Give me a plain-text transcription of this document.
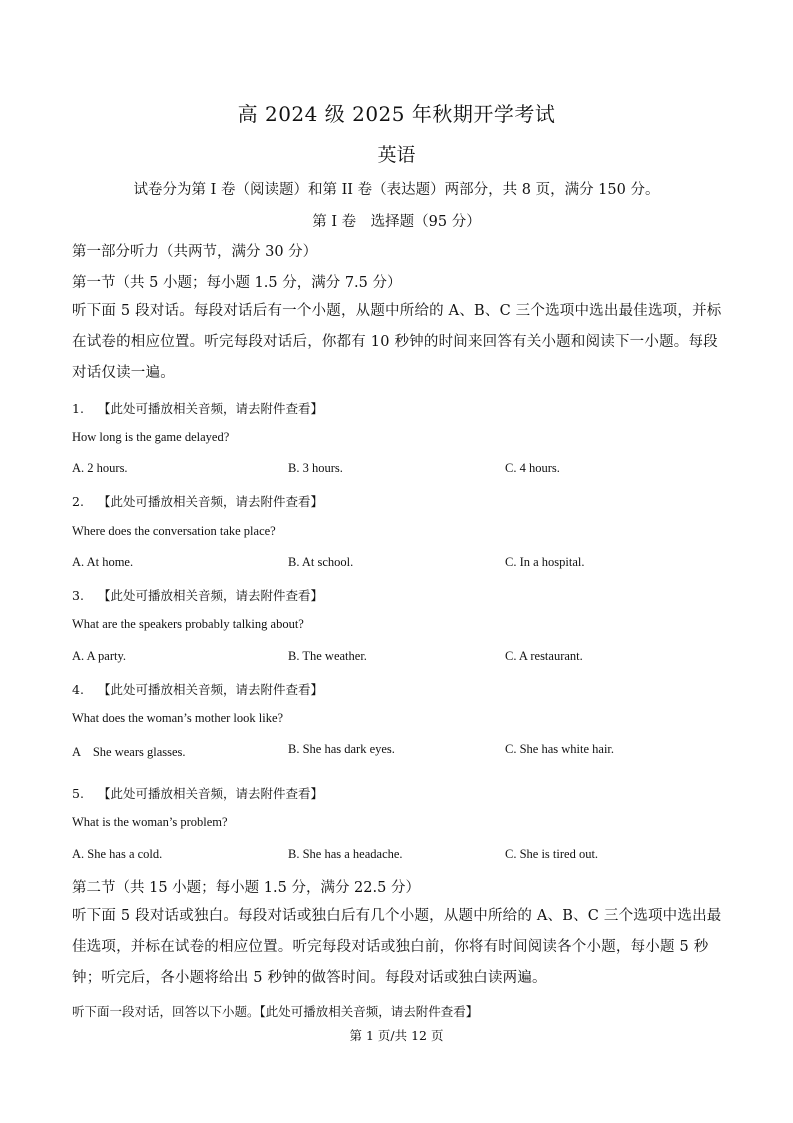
高 2024 级 2025 年秋期开学考试
英语
试卷分为第 I 卷（阅读题）和第 II 卷（表达题）两部分，共 8 页，满分 150 分。
第 I 卷　选择题（95 分）
第一部分听力（共两节，满分 30 分）
第一节（共 5 小题；每小题 1.5 分，满分 7.5 分）
听下面 5 段对话。每段对话后有一个小题，从题中所给的 A、B、C 三个选项中选出最佳选项，并标在试卷的相应位置。听完每段对话后，你都有 10 秒钟的时间来回答有关小题和阅读下一小题。每段对话仅读一遍。
1. 【此处可播放相关音频，请去附件查看】
How long is the game delayed?
A. 2 hours.	B. 3 hours.	C. 4 hours.
2. 【此处可播放相关音频，请去附件查看】
Where does the conversation take place?
A. At home.	B. At school.	C. In a hospital.
3. 【此处可播放相关音频，请去附件查看】
What are the speakers probably talking about?
A. A party.	B. The weather.	C. A restaurant.
4. 【此处可播放相关音频，请去附件查看】
What does the woman’s mother look like?
A　She wears glasses.	B. She has dark eyes.	C. She has white hair.
5. 【此处可播放相关音频，请去附件查看】
What is the woman’s problem?
A. She has a cold.	B. She has a headache.	C. She is tired out.
第二节（共 15 小题；每小题 1.5 分，满分 22.5 分）
听下面 5 段对话或独白。每段对话或独白后有几个小题，从题中所给的 A、B、C 三个选项中选出最佳选项，并标在试卷的相应位置。听完每段对话或独白前，你将有时间阅读各个小题，每小题 5 秒钟；听完后，各小题将给出 5 秒钟的做答时间。每段对话或独白读两遍。
听下面一段对话，回答以下小题。【此处可播放相关音频，请去附件查看】
第 1 页/共 12 页
